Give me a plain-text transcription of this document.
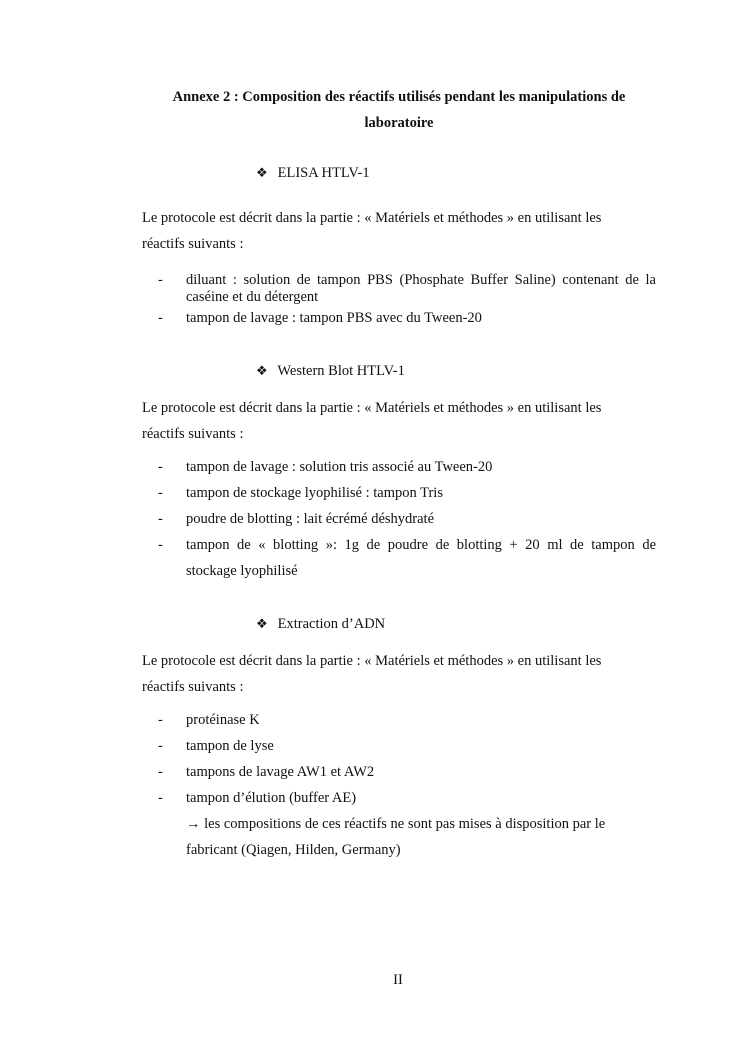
Annexe 2 : Composition des réactifs utilisés pendant les manipulations de
laboratoire
❖ ELISA HTLV-1
Le protocole est décrit dans la partie : « Matériels et méthodes » en utilisant les
réactifs suivants :
- diluant : solution de tampon PBS (Phosphate Buffer Saline) contenant de la
caséine et du détergent
- tampon de lavage : tampon PBS avec du Tween-20
❖ Western Blot HTLV-1
Le protocole est décrit dans la partie : « Matériels et méthodes » en utilisant les
réactifs suivants :
- tampon de lavage : solution tris associé au Tween-20
- tampon de stockage lyophilisé : tampon Tris
- poudre de blotting : lait écrémé déshydraté
- tampon de « blotting »: 1g de poudre de blotting + 20 ml de tampon de
stockage lyophilisé
❖ Extraction d’ADN
Le protocole est décrit dans la partie : « Matériels et méthodes » en utilisant les
réactifs suivants :
- protéinase K
- tampon de lyse
- tampons de lavage AW1 et AW2
- tampon d’élution (buffer AE)
→ les compositions de ces réactifs ne sont pas mises à disposition par le
fabricant (Qiagen, Hilden, Germany)
II
